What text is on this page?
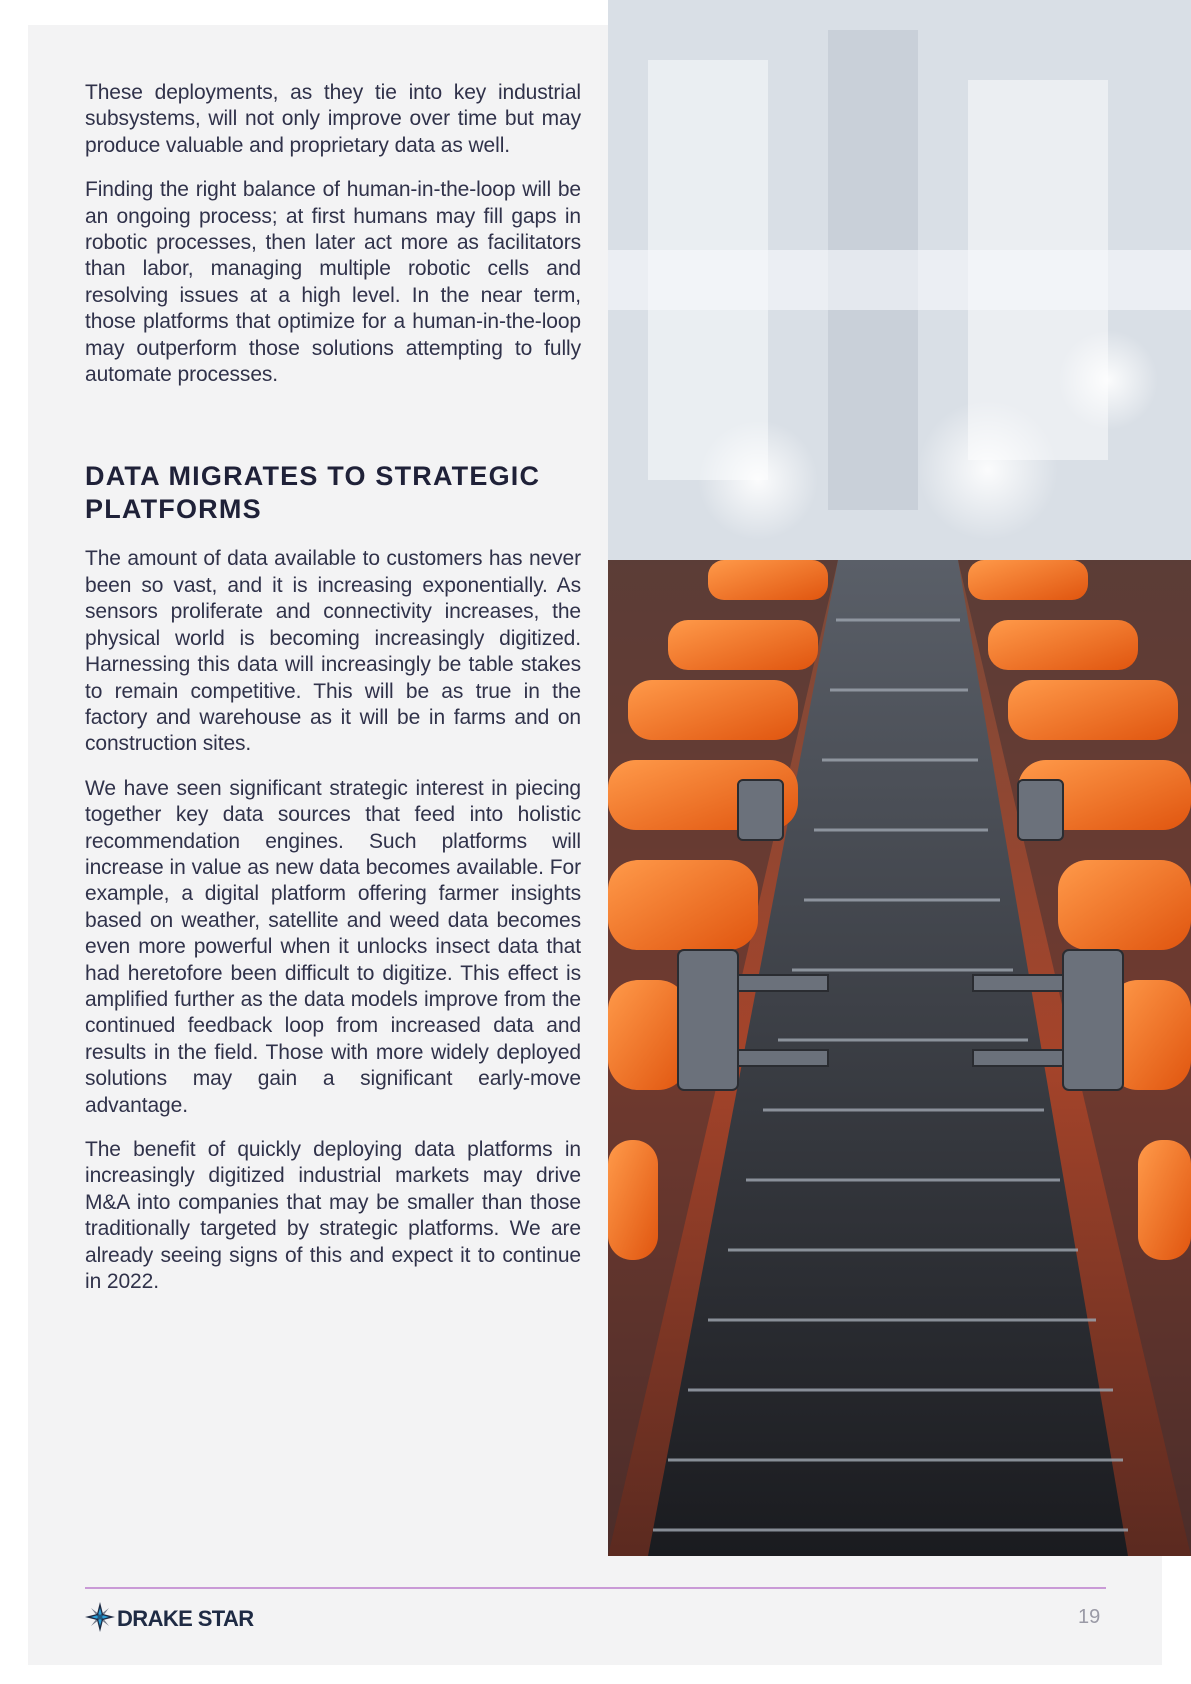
These deployments, as they tie into key industrial subsystems, will not only improve over time but may produce valuable and proprietary data as well.

Finding the right balance of human-in-the-loop will be an ongoing process; at first humans may fill gaps in robotic processes, then later act more as facilitators than labor, managing multiple robotic cells and resolving issues at a high level. In the near term, those platforms that optimize for a human-in-the-loop may outperform those solutions attempting to fully automate processes.

DATA MIGRATES TO STRATEGIC PLATFORMS

The amount of data available to customers has never been so vast, and it is increasing exponentially. As sensors proliferate and connectivity increases, the physical world is becoming increasingly digitized. Harnessing this data will increasingly be table stakes to remain competitive. This will be as true in the factory and warehouse as it will be in farms and on construction sites.

We have seen significant strategic interest in piecing together key data sources that feed into holistic recommendation engines. Such platforms will increase in value as new data becomes available. For example, a digital platform offering farmer insights based on weather, satellite and weed data becomes even more powerful when it unlocks insect data that had heretofore been difficult to digitize. This effect is amplified further as the data models improve from the continued feedback loop from increased data and results in the field. Those with more widely deployed solutions may gain a significant early-move advantage.

The benefit of quickly deploying data platforms in increasingly digitized industrial markets may drive M&A into companies that may be smaller than those traditionally targeted by strategic platforms. We are already seeing signs of this and expect it to continue in 2022.

DRAKE STAR	19
